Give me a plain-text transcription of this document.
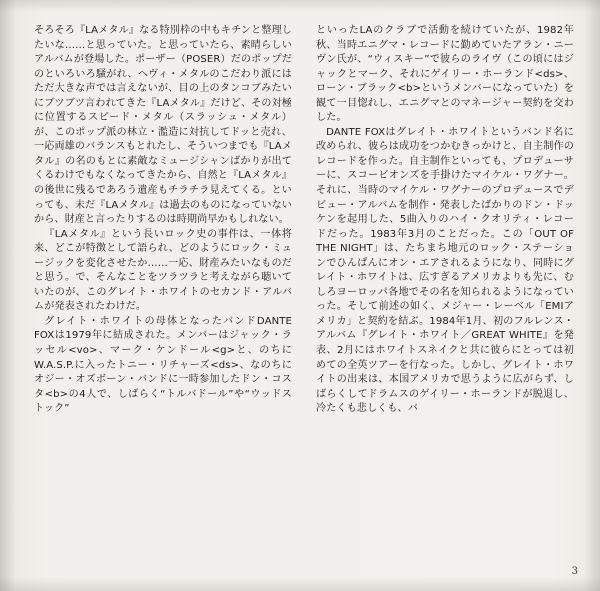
そろそろ『LAメタル』なる特別枠の中もキチンと整理したいな……と思っていた。と思っていたら、素晴らしいアルバムが登場した。ポーザー（POSER）だのポップだのといろいろ騒がれ、ヘヴィ・メタルのこだわり派にはただ大きな声では言えないが、目の上のタンコブみたいにブツブツ言われてきた『LAメタル』だけど、その対極に位置するスピード・メタル（スラッシュ・メタル）が、このポップ派の林立・濫造に対抗してドッと売れ、一応両雄のバランスもとれたし、そういつまでも『LAメタル』の名のもとに素敵なミュージシャンばかりが出てくるわけでもなくなってきたから、自然と『LAメタル』の後世に残るであろう遺産もチラチラ見えてくる。といっても、未だ『LAメタル』は過去のものになっていないから、財産と言ったりするのは時期尚早かもしれない。

『LAメタル』という長いロック史の事件は、一体将来、どこが特徴として語られ、どのようにロック・ミュージックを変化させたか……一応、財産みたいなものだと思う。で、そんなことをツラツラと考えながら聴いていたのが、このグレイト・ホワイトのセカンド・アルバムが発表されたわけだ。

グレイト・ホワイトの母体となったバンドDANTE FOXは1979年に結成された。メンバーはジャック・ラッセル<vo>、マーク・ケンドール<g>と、のちにW.A.S.P.に入ったトニー・リチャーズ<ds>、なのちにオジー・オズボーン・バンドに一時参加したドン・コスタ<b>の4人で、しばらく“トルバドール”や“ウッドストック”

といったLAのクラブで活動を続けていたが、1982年秋、当時エニグマ・レコードに勤めていたアラン・ニーヴン氏が、“ウィスキー”で彼らのライヴ（この頃にはジャックとマーク、それにゲイリー・ホーランド<ds>、ローン・ブラック<b>というメンバーになっていた）を観て一目惚れし、エニグマとのマネージャー契約を交わした。

DANTE FOXはグレイト・ホワイトというバンド名に改められ、彼らは成功をつかむきっかけと、自主制作のレコードを作った。自主制作といっても、プロデューサーに、スコービオンズを手掛けたマイケル・ワグナー。それに、当時のマイケル・ワグナーのプロデュースでデビュー・アルバムを制作・発表したばかりのドン・ドッケンを起用した、5曲入りのハイ・クオリティ・レコードだった。1983年3月のことだった。この「OUT OF THE NIGHT」は、たちまち地元のロック・ステーションでひんぱんにオン・エアされるようになり、同時にグレイト・ホワイトは、広すぎるアメリカよりも先に、むしろヨーロッパ各地でその名を知られるようになっていった。そして前述の如く、メジャー・レーベル「EMIアメリカ」と契約を結ぶ。1984年1月、初のフルレンス・アルバム『グレイト・ホワイト／GREAT WHITE』を発表、2月にはホワイトスネイクと共に彼らにとっては初めての全英ツアーを行なった。しかし、グレイト・ホワイトの出来は、本国アメリカで思うように広がらず、しばらくしてドラムスのゲイリー・ホーランドが脱退し、冷たくも悲しくも、バ

3
